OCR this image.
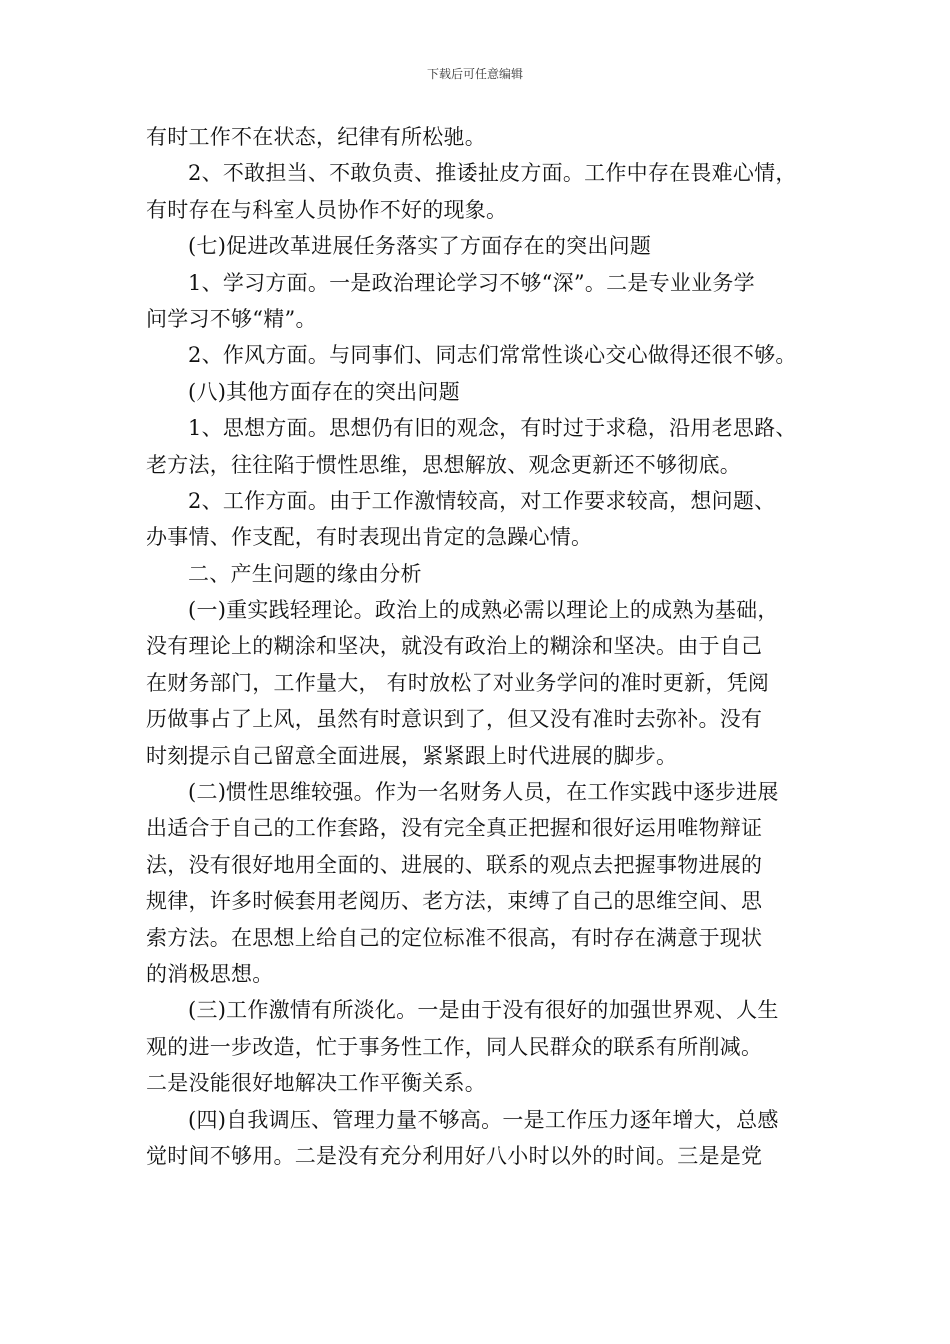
下载后可任意编辑
有时工作不在状态，纪律有所松驰。
2、不敢担当、不敢负责、推诿扯皮方面。工作中存在畏难心情，
有时存在与科室人员协作不好的现象。
(七)促进改革进展任务落实了方面存在的突出问题
1、学习方面。一是政治理论学习不够“深”。二是专业业务学
问学习不够“精”。
2、作风方面。与同事们、同志们常常性谈心交心做得还很不够。
(八)其他方面存在的突出问题
1、思想方面。思想仍有旧的观念，有时过于求稳，沿用老思路、
老方法，往往陷于惯性思维，思想解放、观念更新还不够彻底。
2、工作方面。由于工作激情较高，对工作要求较高，想问题、
办事情、作支配，有时表现出肯定的急躁心情。
二、产生问题的缘由分析
(一)重实践轻理论。政治上的成熟必需以理论上的成熟为基础，
没有理论上的糊涂和坚决，就没有政治上的糊涂和坚决。由于自己
在财务部门，工作量大， 有时放松了对业务学问的准时更新，凭阅
历做事占了上风，虽然有时意识到了，但又没有准时去弥补。没有
时刻提示自己留意全面进展，紧紧跟上时代进展的脚步。
(二)惯性思维较强。作为一名财务人员，在工作实践中逐步进展
出适合于自己的工作套路，没有完全真正把握和很好运用唯物辩证
法，没有很好地用全面的、进展的、联系的观点去把握事物进展的
规律，许多时候套用老阅历、老方法，束缚了自己的思维空间、思
索方法。在思想上给自己的定位标准不很高，有时存在满意于现状
的消极思想。
(三)工作激情有所淡化。一是由于没有很好的加强世界观、人生
观的进一步改造，忙于事务性工作，同人民群众的联系有所削减。
二是没能很好地解决工作平衡关系。
(四)自我调压、管理力量不够高。一是工作压力逐年增大，总感
觉时间不够用。二是没有充分利用好八小时以外的时间。三是是党
